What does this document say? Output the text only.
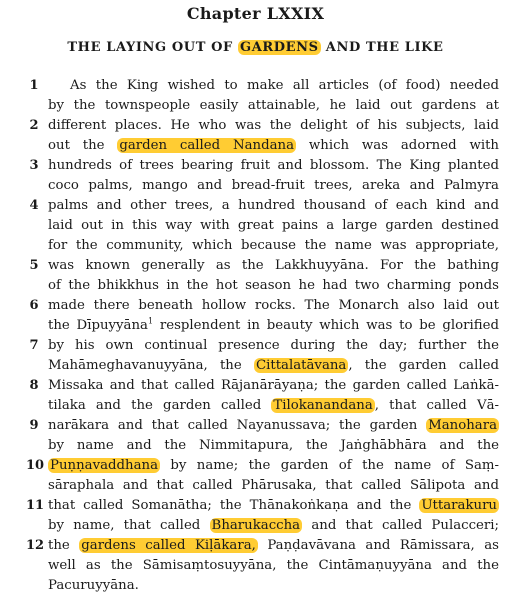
Chapter LXXIX
THE LAYING OUT OF GARDENS AND THE LIKE
1 As the King wished to make all articles (of food) needed
by the townspeople easily attainable, he laid out gardens at
2 different places. He who was the delight of his subjects, laid
out the garden called Nandana which was adorned with
3 hundreds of trees bearing fruit and blossom. The King planted
coco palms, mango and bread-fruit trees, areka and Palmyra
4 palms and other trees, a hundred thousand of each kind and
laid out in this way with great pains a large garden destined
for the community, which because the name was appropriate,
5 was known generally as the Lakkhuyyāna. For the bathing
of the bhikkhus in the hot season he had two charming ponds
6 made there beneath hollow rocks. The Monarch also laid out
the Dīpuyyāna$^1$ resplendent in beauty which was to be glorified
7 by his own continual presence during the day; further the
Mahāmeghavanuyyāna, the Cittalatāvana , the garden called
8 Missaka and that called Rājanārāyaṇa; the garden called Laṅkā-
tilaka and the garden called Tilokanandana , that called Vā-
9 narākara and that called Nayanussava; the garden Manohara
by name and the Nimmitapura, the Jaṅghābhāra and the
10 Puṇṇavaddhana by name; the garden of the name of Saṃ-
sāraphala and that called Phārusaka, that called Sālipota and
11 that called Somanātha; the Thānakoṅkaṇa and the Uttarakuru
by name, that called Bharukaccha and that called Pulacceri;
12 the gardens called Kiḷākara, Paṇḍavāvana and Rāmissara, as
well as the Sāmisaṃtosuyyāna, the Cintāmaṇuyyāna and the
Pacuruyyāna.
